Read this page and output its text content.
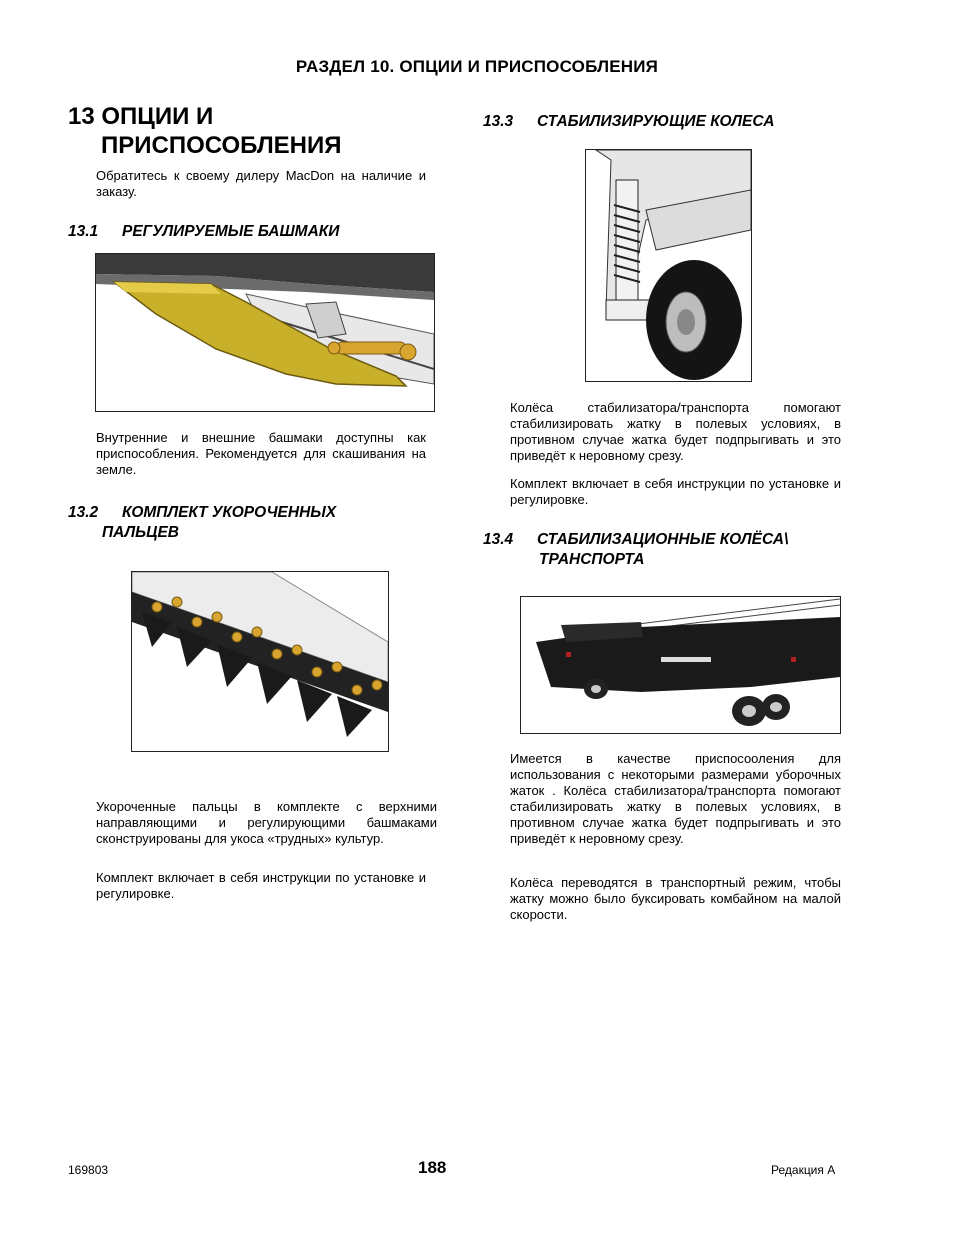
РАЗДЕЛ 10. ОПЦИИ И ПРИСПОСОБЛЕНИЯ
13 ОПЦИИ И
ПРИСПОСОБЛЕНИЯ
Обратитесь к своему дилеру MacDon на наличие и заказу.
13.1 РЕГУЛИРУЕМЫЕ БАШМАКИ
Внутренние и внешние башмаки доступны как приспособления. Рекомендуется для скашивания на земле.
13.2 КОМПЛЕКТ УКОРОЧЕННЫХ
ПАЛЬЦЕВ
Укороченные пальцы в комплекте с верхними направляющими и регулирующими башмаками сконструированы для укоса «трудных» культур.
Комплект включает в себя инструкции по установке и регулировке.
13.3 СТАБИЛИЗИРУЮЩИЕ КОЛЕСА
Колёса стабилизатора/транспорта помогают стабилизировать жатку в полевых условиях, в противном случае жатка будет подпрыгивать и это приведёт к неровному срезу.
Комплект включает в себя инструкции по установке и регулировке.
13.4 СТАБИЛИЗАЦИОННЫЕ КОЛЁСА\
ТРАНСПОРТА
Имеется в качестве приспосооления для использования с некоторыми размерами уборочных жаток . Колёса стабилизатора/транспорта помогают стабилизировать жатку в полевых условиях, в противном случае жатка будет подпрыгивать и это приведёт к неровному срезу.
Колёса переводятся в транспортный режим, чтобы жатку можно было буксировать комбайном на малой скорости.
169803	188	Редакция А
